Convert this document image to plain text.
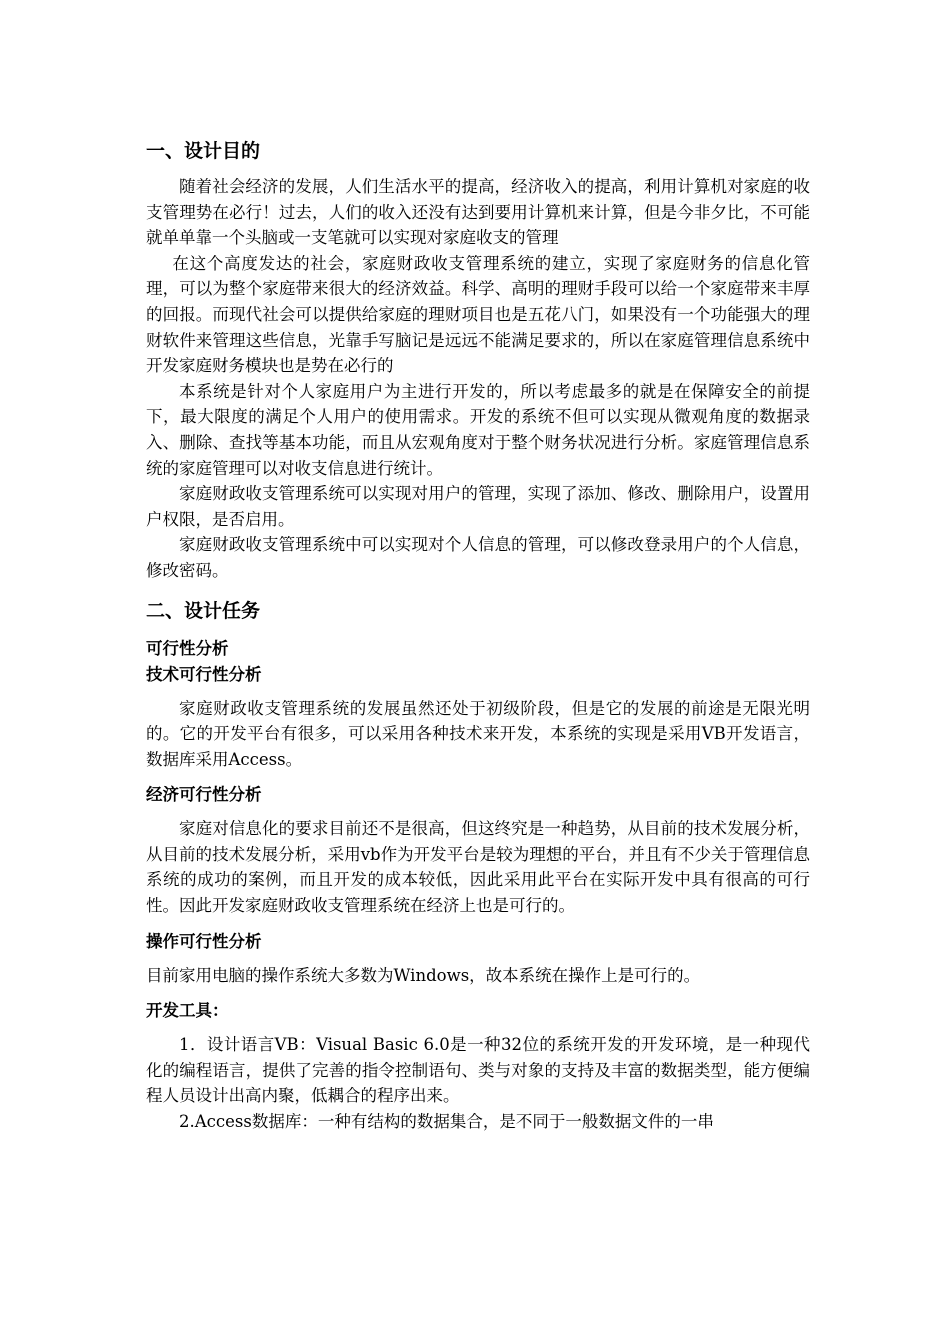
一、设计目的

随着社会经济的发展，人们生活水平的提高，经济收入的提高，利用计算机对家庭的收支管理势在必行！过去，人们的收入还没有达到要用计算机来计算，但是今非夕比，不可能就单单靠一个头脑或一支笔就可以实现对家庭收支的管理

在这个高度发达的社会，家庭财政收支管理系统的建立，实现了家庭财务的信息化管理，可以为整个家庭带来很大的经济效益。科学、高明的理财手段可以给一个家庭带来丰厚的回报。而现代社会可以提供给家庭的理财项目也是五花八门，如果没有一个功能强大的理财软件来管理这些信息，光靠手写脑记是远远不能满足要求的，所以在家庭管理信息系统中开发家庭财务模块也是势在必行的

本系统是针对个人家庭用户为主进行开发的，所以考虑最多的就是在保障安全的前提下，最大限度的满足个人用户的使用需求。开发的系统不但可以实现从微观角度的数据录入、删除、查找等基本功能，而且从宏观角度对于整个财务状况进行分析。家庭管理信息系统的家庭管理可以对收支信息进行统计。

家庭财政收支管理系统可以实现对用户的管理，实现了添加、修改、删除用户，设置用户权限，是否启用。

家庭财政收支管理系统中可以实现对个人信息的管理，可以修改登录用户的个人信息，修改密码。

二、设计任务
可行性分析
技术可行性分析

家庭财政收支管理系统的发展虽然还处于初级阶段，但是它的发展的前途是无限光明的。它的开发平台有很多，可以采用各种技术来开发，本系统的实现是采用VB开发语言，数据库采用Access。

经济可行性分析

家庭对信息化的要求目前还不是很高，但这终究是一种趋势，从目前的技术发展分析，从目前的技术发展分析，采用vb作为开发平台是较为理想的平台，并且有不少关于管理信息系统的成功的案例，而且开发的成本较低，因此采用此平台在实际开发中具有很高的可行性。因此开发家庭财政收支管理系统在经济上也是可行的。

操作可行性分析

目前家用电脑的操作系统大多数为Windows，故本系统在操作上是可行的。

开发工具：

1．设计语言VB：Visual Basic 6.0是一种32位的系统开发的开发环境，是一种现代化的编程语言，提供了完善的指令控制语句、类与对象的支持及丰富的数据类型，能方便编程人员设计出高内聚，低耦合的程序出来。

2.Access数据库：一种有结构的数据集合，是不同于一般数据文件的一串
